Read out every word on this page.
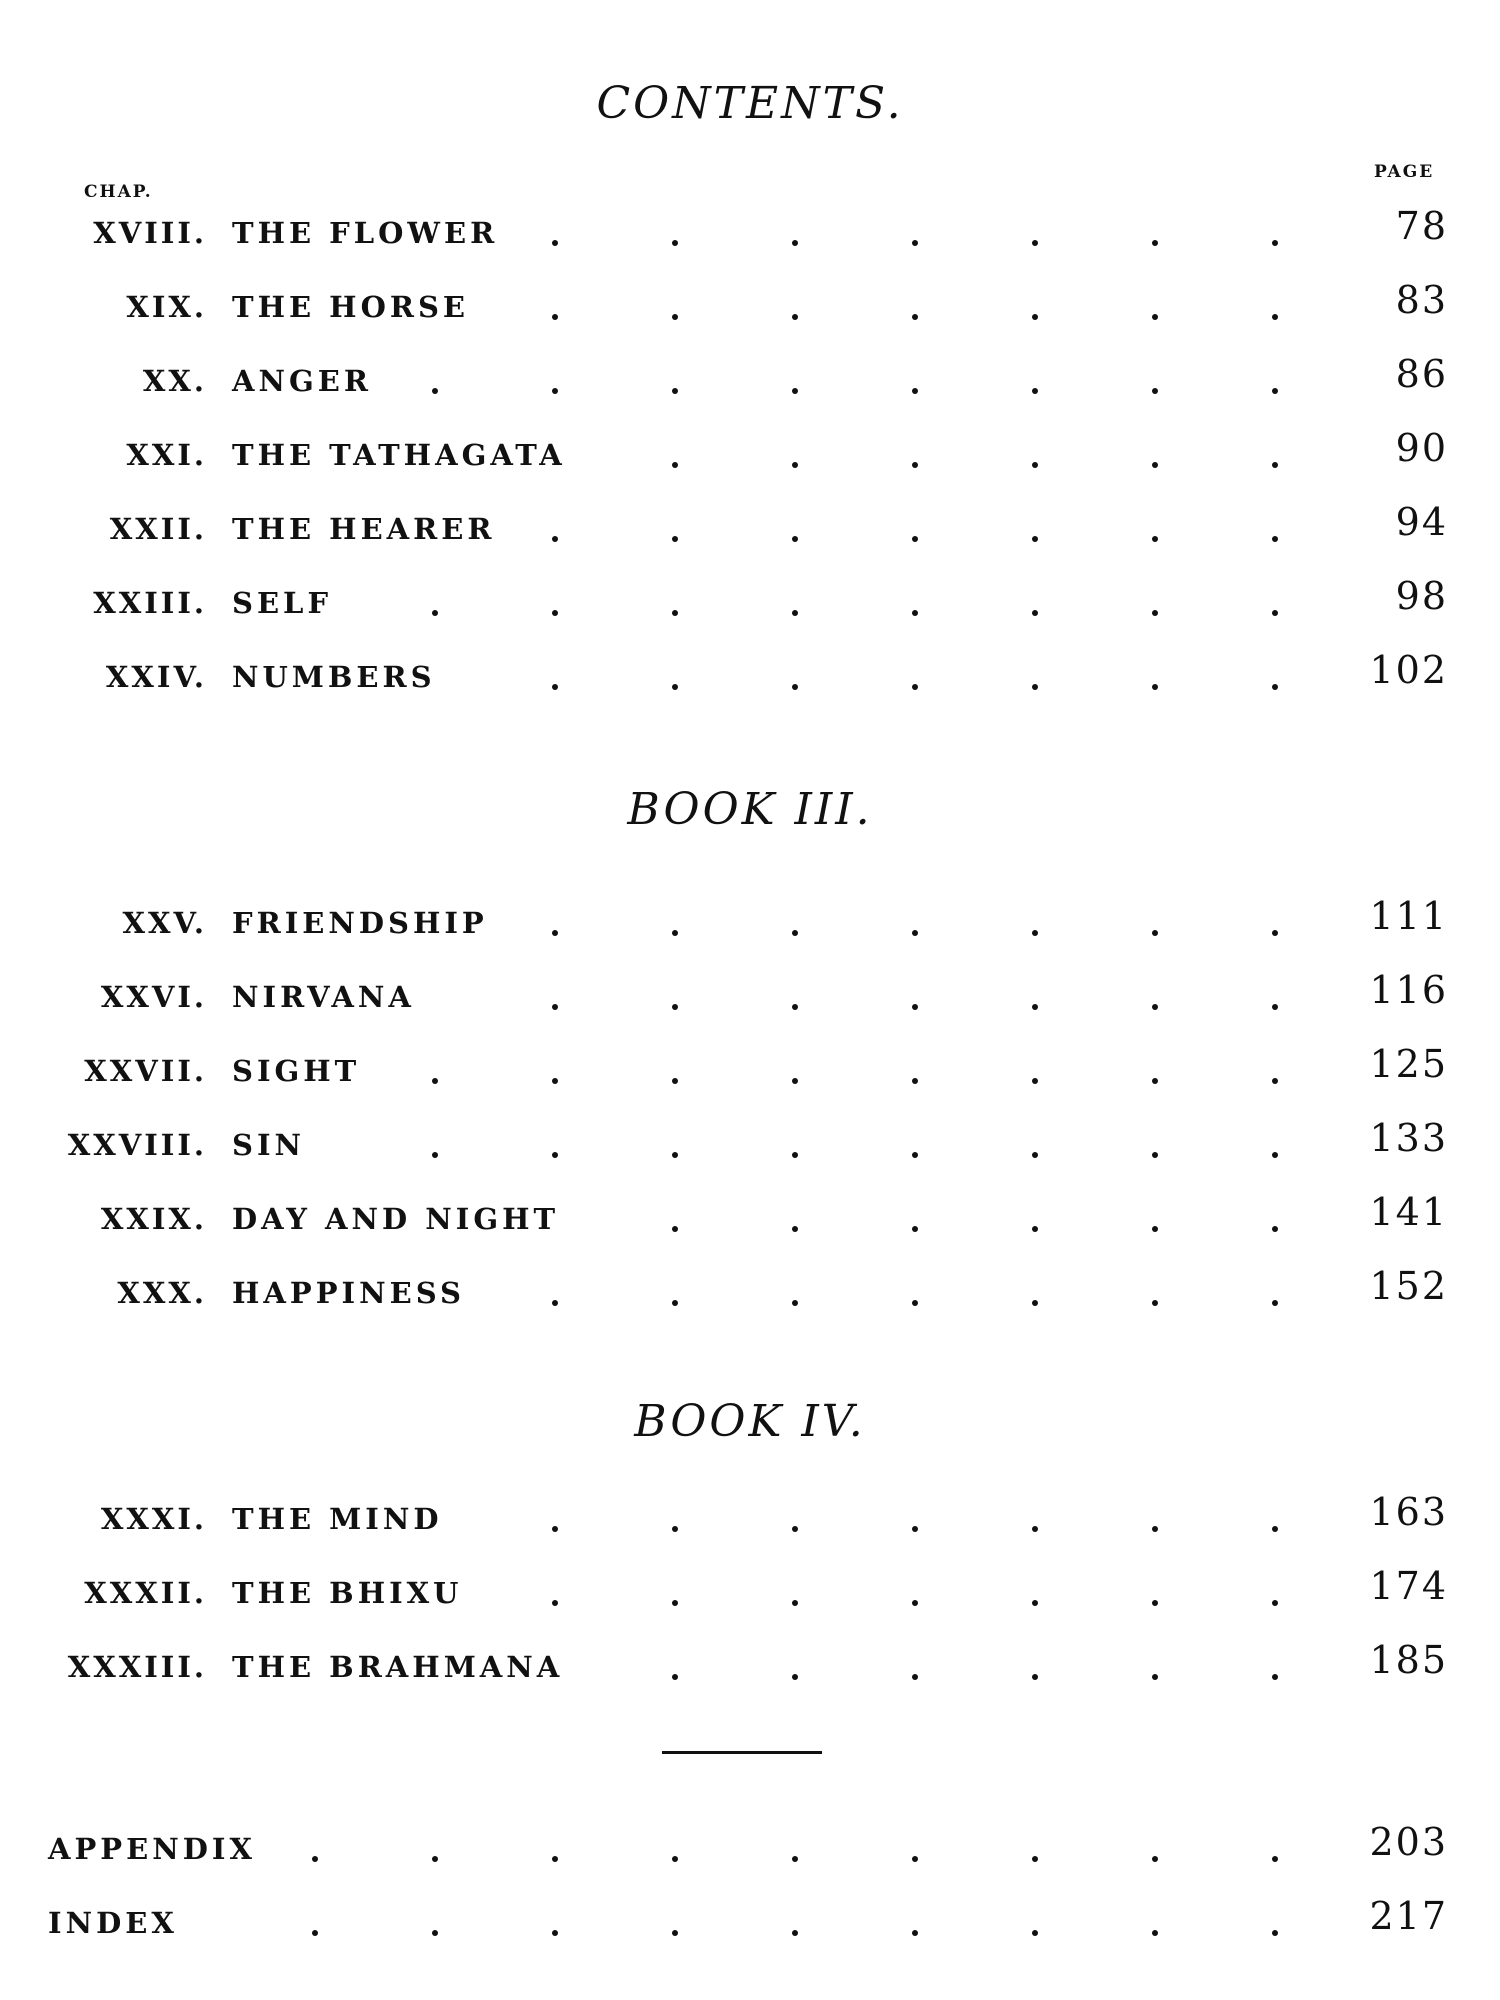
CONTENTS.
CHAP.
PAGE
XVIII. THE FLOWER	78
XIX. THE HORSE	83
XX. ANGER	86
XXI. THE TATHAGATA	90
XXII. THE HEARER	94
XXIII. SELF	98
XXIV. NUMBERS	102
BOOK III.
XXV. FRIENDSHIP	111
XXVI. NIRVANA	116
XXVII. SIGHT	125
XXVIII. SIN	133
XXIX. DAY AND NIGHT	141
XXX. HAPPINESS	152
BOOK IV.
XXXI. THE MIND	163
XXXII. THE BHIXU	174
XXXIII. THE BRAHMANA	185
APPENDIX	203
INDEX	217
